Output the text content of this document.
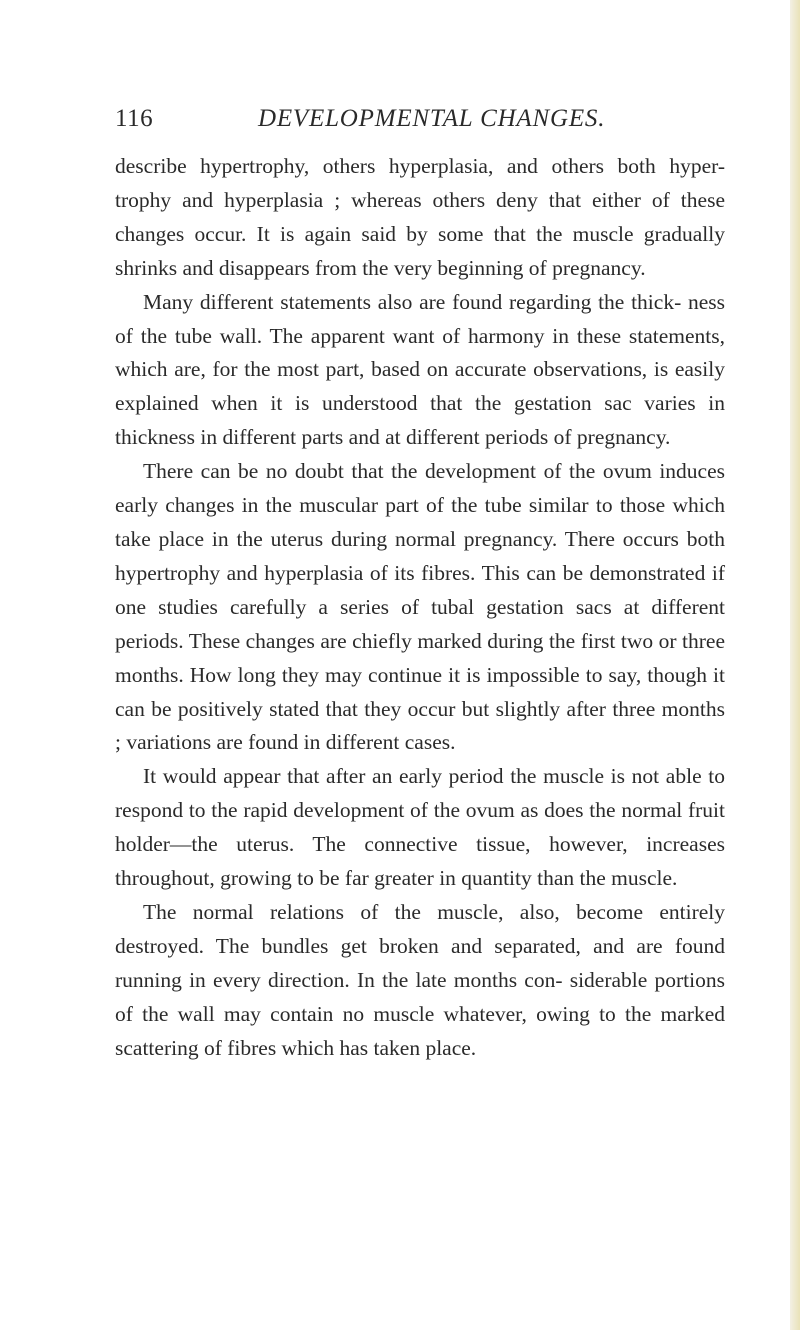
116	DEVELOPMENTAL CHANGES.

describe hypertrophy, others hyperplasia, and others both hyper- trophy and hyperplasia ; whereas others deny that either of these changes occur. It is again said by some that the muscle gradually shrinks and disappears from the very beginning of pregnancy.

Many different statements also are found regarding the thick- ness of the tube wall. The apparent want of harmony in these statements, which are, for the most part, based on accurate observations, is easily explained when it is understood that the gestation sac varies in thickness in different parts and at different periods of pregnancy.

There can be no doubt that the development of the ovum induces early changes in the muscular part of the tube similar to those which take place in the uterus during normal pregnancy. There occurs both hypertrophy and hyperplasia of its fibres. This can be demonstrated if one studies carefully a series of tubal gestation sacs at different periods. These changes are chiefly marked during the first two or three months. How long they may continue it is impossible to say, though it can be positively stated that they occur but slightly after three months ; variations are found in different cases.

It would appear that after an early period the muscle is not able to respond to the rapid development of the ovum as does the normal fruit holder—the uterus. The connective tissue, however, increases throughout, growing to be far greater in quantity than the muscle.

The normal relations of the muscle, also, become entirely destroyed. The bundles get broken and separated, and are found running in every direction. In the late months con- siderable portions of the wall may contain no muscle whatever, owing to the marked scattering of fibres which has taken place.
